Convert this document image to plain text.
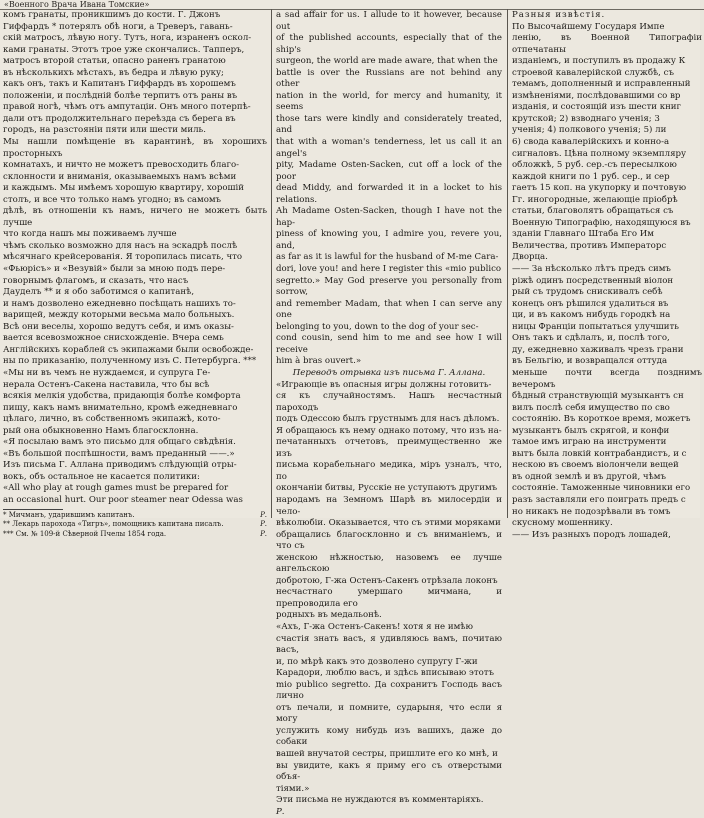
«Военного Врача Ивана Томские»

комъ гранаты, проникшимъ до кости. Г. Джонъ

Гиффардъ * потерялъ обѣ ноги, а Треверъ, гавань-

скій матросъ, лѣвую ногу. Тутъ, нога, израненъ оскол-

ками гранаты. Этотъ трое уже скончались. Тапперъ,

матросъ второй статьи, опасно раненъ гранатою

въ нѣсколькихъ мѣстахъ, въ бедра и лѣвую руку;

какъ онъ, такъ и Капитанъ Гиффардъ въ хорошемъ

положеніи, и послѣдній болѣе терпитъ отъ раны въ

правой ногѣ, чѣмъ отъ ампутаціи. Онъ много потерпѣ-

дали отъ продолжительнаго переѣзда съ берега въ

городъ, на разстояніи пяти или шести миль.

Мы нашли помѣщеніе въ карантинѣ, въ хорошихъ просторныхъ

комнатахъ, и ничто не можетъ превосходить благо-

склонности и вниманія, оказываемыхъ намъ всѣми

и каждымъ. Мы имѣемъ хорошую квартиру, хорошій

столъ, и все что только намъ угодно; въ самомъ

дѣлѣ, въ отношеніи къ намъ, ничего не можетъ быть лучше

что когда нашъ мы поживаемъ лучше

чѣмъ сколько возможно для насъ на эскадрѣ послѣ

мѣсячнаго крейсерованія. Я торопилась писать, что

«Фьюрісъ» и «Везувій» были за мною подъ пере-

говорнымъ флагомъ, и сказать, что насъ

Дауделъ ** и я обо заботимся о капитанѣ,

и намъ дозволено ежедневно посѣщать нашихъ то-

варищей, между которыми весьма мало больныхъ.

Всѣ они веселы, хорошо ведутъ себя, и имъ оказы-

вается всевозможное снисхожденіе. Вчера семь

Англійскихъ кораблей съ экипажами были освобожде-

ны по приказанію, полученному изъ С. Петербурга. ***

«Мы ни въ чемъ не нуждаемся, и супруга Ге-

нерала Остенъ-Сакена наставила, что бы всѣ

всякія мелкія удобства, придающія болѣе комфорта

пищу, какъ намъ внимательно, кромѣ ежедневнаго

цѣлаго, лично, въ собственномъ экипажѣ, кото-

рый она обыкновенно Намъ благосклонна.

«Я посылаю вамъ это письмо для общаго свѣдѣнія.

«Въ большой поспѣшности, вамъ преданный ——.»

Изъ письма Г. Аллана приводимъ слѣдующій отры-

вокъ, объ остальное не касается политики:

«All who play at rough games must be prepared for

an occasional hurt. Our poor steamer near Odessa was

* Мичманъ, ударившимъ капитанъ.	Р.
** Лекарь парохода «Тигръ», помощникъ капитана писалъ.	Р.
*** См. № 109-й Сѣверной Пчелы 1854 года.	Р.

a sad affair for us. I allude to it however, because out

of the published accounts, especially that of the ship's

surgeon, the world are made aware, that when the

battle is over the Russians are not behind any other

nation in the world, for mercy and humanity, it seems

those tars were kindly and considerately treated, and

that with a woman's tenderness, let us call it an angel's

pity, Madame Osten-Sacken, cut off a lock of the poor

dead Middy, and forwarded it in a locket to his relations.

Ah Madame Osten-Sacken, though I have not the hap-

piness of knowing you, I admire you, revere you, and,

as far as it is lawful for the husband of M-me Cara-

dori, love you! and here I register this «mio publico

segretto.» May God preserve you personally from sorrow,

and remember Madam, that when I can serve any one

belonging to you, down to the dog of your sec-

cond cousin, send him to me and see how I will receive

him à bras ouvert.»

Переводъ отрывка изъ письма Г. Аллана.

«Играющіе въ опасныя игры должны готовить-

ся къ случайностямъ. Нашъ несчастный пароходъ

подъ Одессою былъ грустнымъ для насъ дѣломъ.

Я обращаюсь къ нему однако потому, что изъ на-

печатанныхъ отчетовъ, преимущественно же изъ

письма корабельнаго медика, міръ узналъ, что, по

окончаніи битвы, Русскіе не уступаютъ другимъ

народамъ на Земномъ Шарѣ въ милосердіи и чело-

вѣколюбіи. Оказывается, что съ этими моряками

обращались благосклонно и съ вниманіемъ, и что съ

женскою нѣжностью, назовемъ ее лучше ангельскою

добротою, Г-жа Остенъ-Сакенъ отрѣзала локонъ

несчастнаго умершаго мичмана, и препроводила его

родныхъ въ медальонѣ.

«Ахъ, Г-жа Остенъ-Сакенъ! хотя я не имѣю

счастія знать васъ, я удивляюсь вамъ, почитаю васъ,

и, по мѣрѣ какъ это дозволено супругу Г-жи

Карадори, люблю васъ, и здѣсь вписываю этотъ

mio publico segretto. Да сохранитъ Господь васъ лично

отъ печали, и помните, сударыня, что если я могу

услужить кому нибудь изъ вашихъ, даже до собаки

вашей внучатой сестры, пришлите его ко мнѣ, и

вы увидите, какъ я приму его съ отверстыми объя-

тіями.»

Эти письма не нуждаются въ комментаріяхъ.

Р.

Разныя извѣстія.

По Высочайшему Государя Импе

ленію, въ Военной Типографіи отпечатаны

изданіемъ, и поступилъ въ продажу К

строевой кавалерійской службѣ, съ

темамъ, дополненный и исправленный

измѣненіями, послѣдовавшими со вр

изданія, и состоящій изъ шести книг

крутской; 2) взводнаго ученія; 3

ученія; 4) полкового ученія; 5) ли

6) свода кавалерійскихъ и конно-а

сигналовъ. Цѣна полному экземпляру

обложкѣ, 5 руб. сер.-съ пересылкою

каждой книги по 1 руб. сер., и сер

гаетъ 15 коп. на укупорку и почтовую

Гг. иногородные, желающіе пріобрѣ

статьи, благоволятъ обращаться съ

Военную Типографію, находящуюся въ

зданіи Главнаго Штаба Его Им

Величества, противъ Императорс

Дворца.

—— За нѣсколько лѣтъ предъ симъ

ріжѣ одинъ посредственный віолон

рый съ трудомъ снискивалъ себѣ

конецъ онъ рѣшился удалиться въ

ци, и въ какомъ нибудь городкѣ на

ницы Франціи попытаться улучшить

Онъ такъ и сдѣлалъ, и, послѣ того,

ду, ежедневно хаживалъ чрезъ грани

въ Бельгію, и возвращался оттуда

меньше почти всегда позднимъ вечеромъ

бѣдный странствующій музыкантъ сн

вилъ послѣ себя имущество по сво

состоянію. Въ короткое время, можетъ

музыкантъ былъ скрягой, и конфи

тамое имъ играю на инструменти

вытъ была ловкій контрабандистъ, и с

нескою въ своемъ віолончели вещей

въ одной землѣ и въ другой, чѣмъ

состояніе. Таможенные чиновники его

разъ заставляли его поиграть предъ с

но никакъ не подозрѣвали въ томъ

скусному мошеннику.

—— Изъ разныхъ породъ лошадей,
